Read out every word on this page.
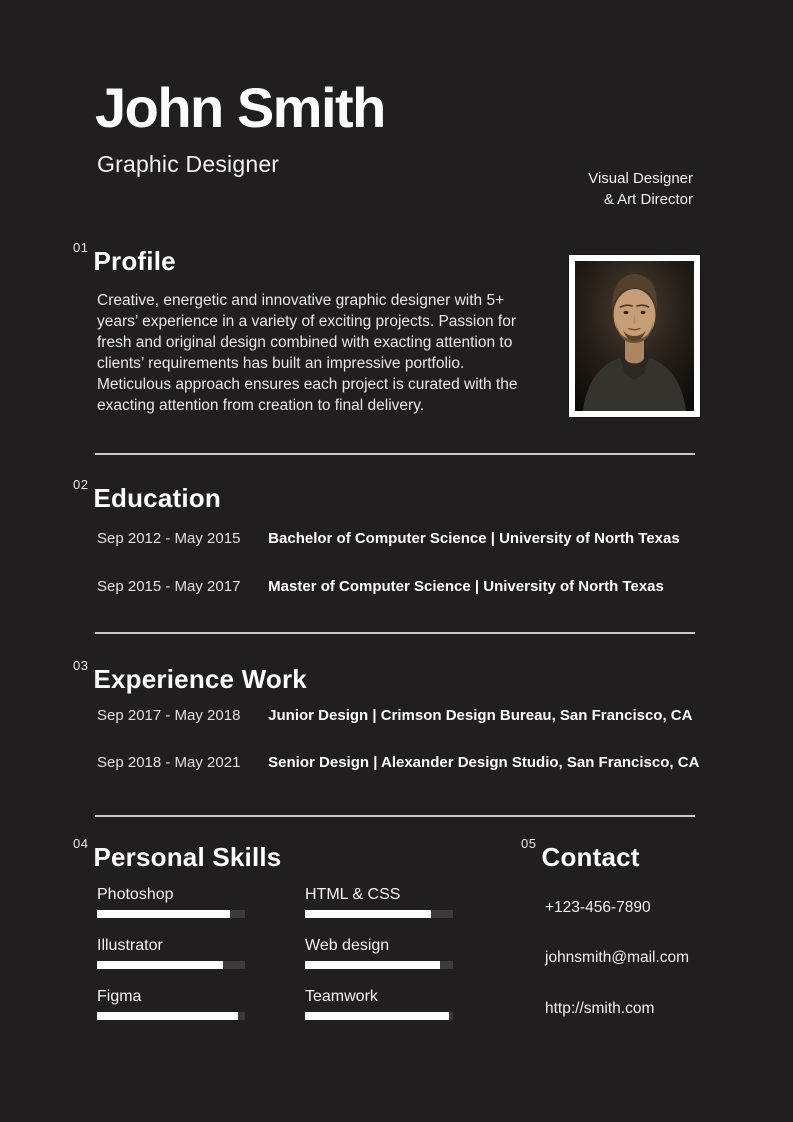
John Smith
Graphic Designer
Visual Designer
& Art Director
$^{01}$ Profile

Creative, energetic and innovative graphic designer with 5+ years’ experience in a variety of exciting projects. Passion for fresh and original design combined with exacting attention to clients’ requirements has built an impressive portfolio. Meticulous approach ensures each project is curated with the exacting attention from creation to final delivery.

$^{02}$ Education
Sep 2012 - May 2015 Bachelor of Computer Science | University of North Texas
Sep 2015 - May 2017 Master of Computer Science | University of North Texas
$^{03}$ Experience Work
Sep 2017 - May 2018 Junior Design | Crimson Design Bureau, San Francisco, CA
Sep 2018 - May 2021 Senior Design | Alexander Design Studio, San Francisco, CA
$^{04}$ Personal Skills
Photoshop
Illustrator
Figma
HTML & CSS
Web design
Teamwork
$^{05}$ Contact
+123-456-7890
johnsmith@mail.com
http://smith.com
